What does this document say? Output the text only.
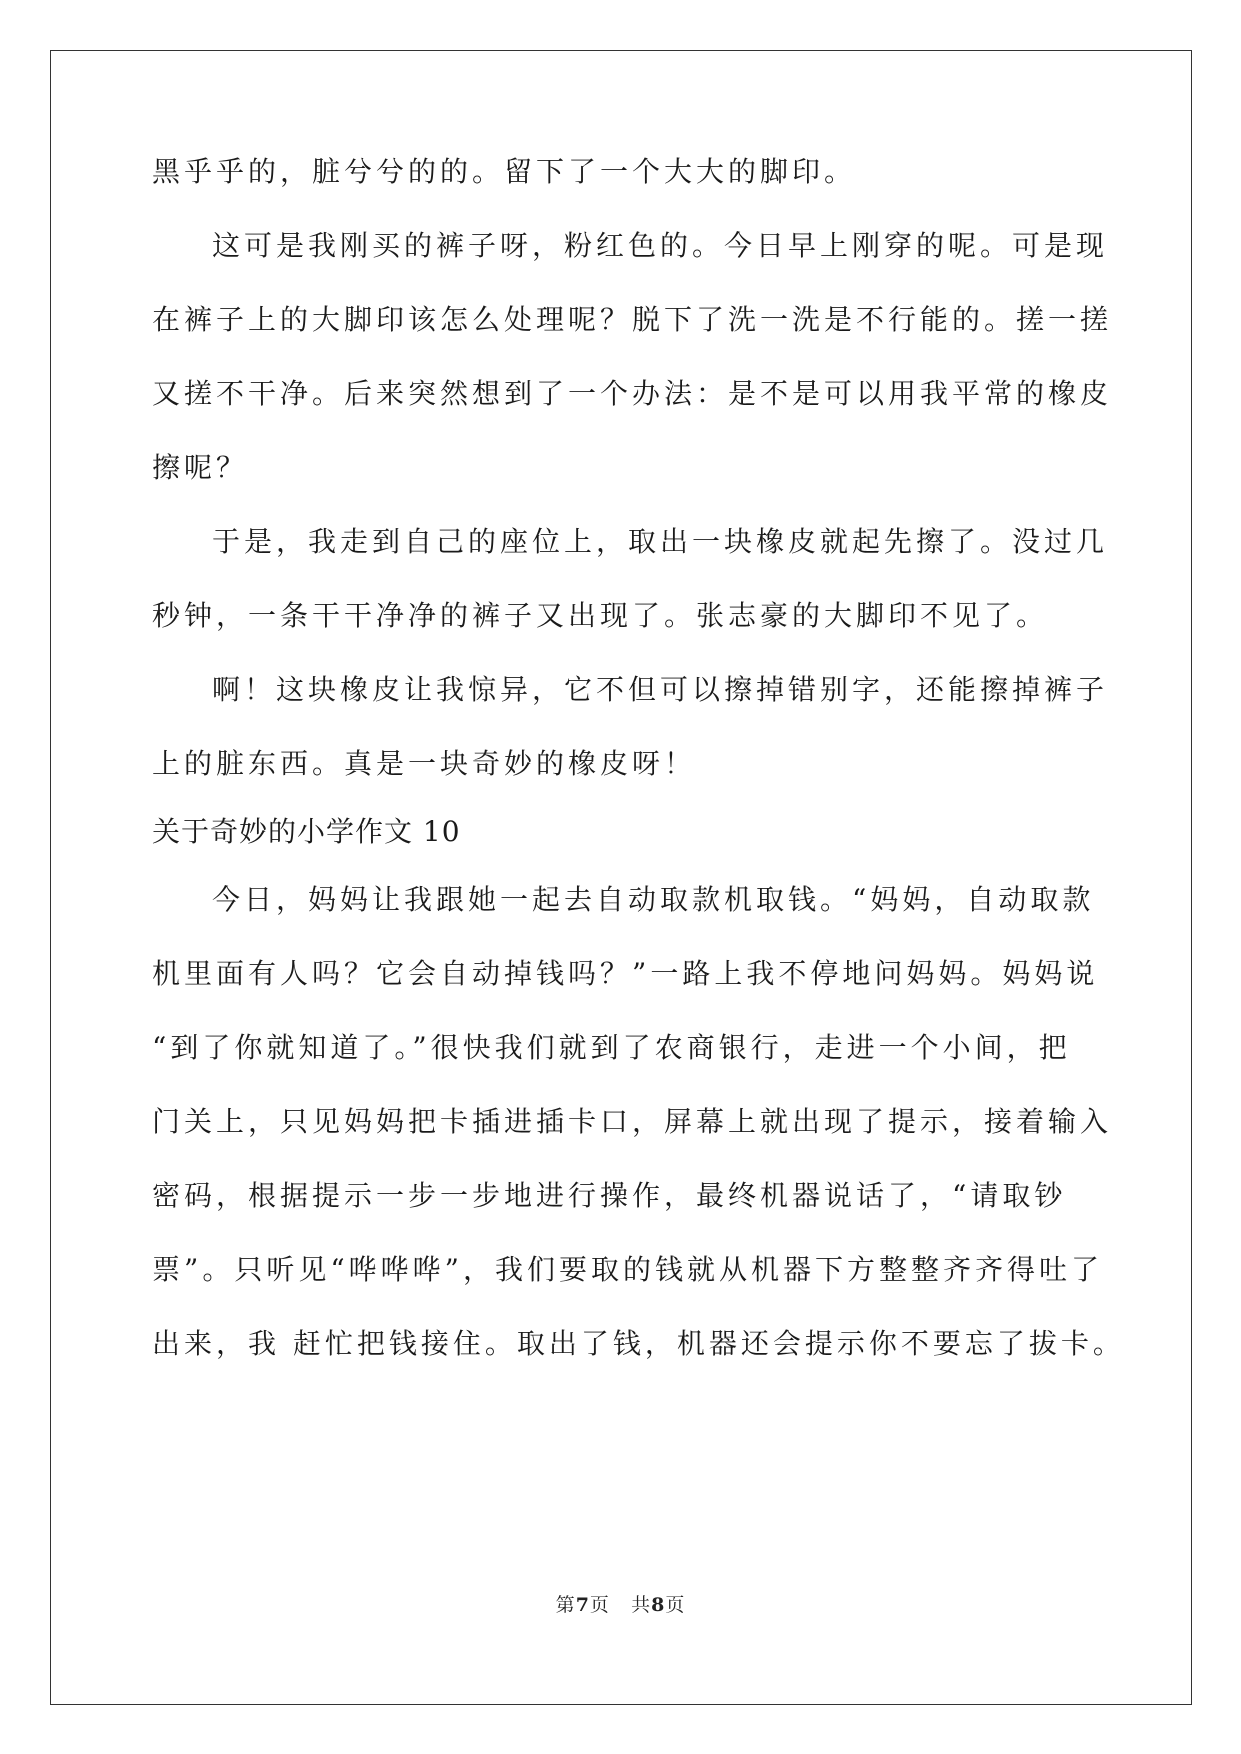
黑乎乎的，脏兮兮的的。留下了一个大大的脚印。
这可是我刚买的裤子呀，粉红色的。今日早上刚穿的呢。可是现
在裤子上的大脚印该怎么处理呢？脱下了洗一洗是不行能的。搓一搓
又搓不干净。后来突然想到了一个办法：是不是可以用我平常的橡皮
擦呢？
于是，我走到自己的座位上，取出一块橡皮就起先擦了。没过几
秒钟，一条干干净净的裤子又出现了。张志豪的大脚印不见了。
啊！这块橡皮让我惊异，它不但可以擦掉错别字，还能擦掉裤子
上的脏东西。真是一块奇妙的橡皮呀！
关于奇妙的小学作文 10
今日，妈妈让我跟她一起去自动取款机取钱。“妈妈，自动取款
机里面有人吗？它会自动掉钱吗？”一路上我不停地问妈妈。妈妈说
“到了你就知道了。”很快我们就到了农商银行，走进一个小间，把
门关上，只见妈妈把卡插进插卡口，屏幕上就出现了提示，接着输入
密码，根据提示一步一步地进行操作，最终机器说话了，“请取钞
票”。只听见“哗哗哗”，我们要取的钱就从机器下方整整齐齐得吐了
出来，我 赶忙把钱接住。取出了钱，机器还会提示你不要忘了拔卡。
第7页 共8页
